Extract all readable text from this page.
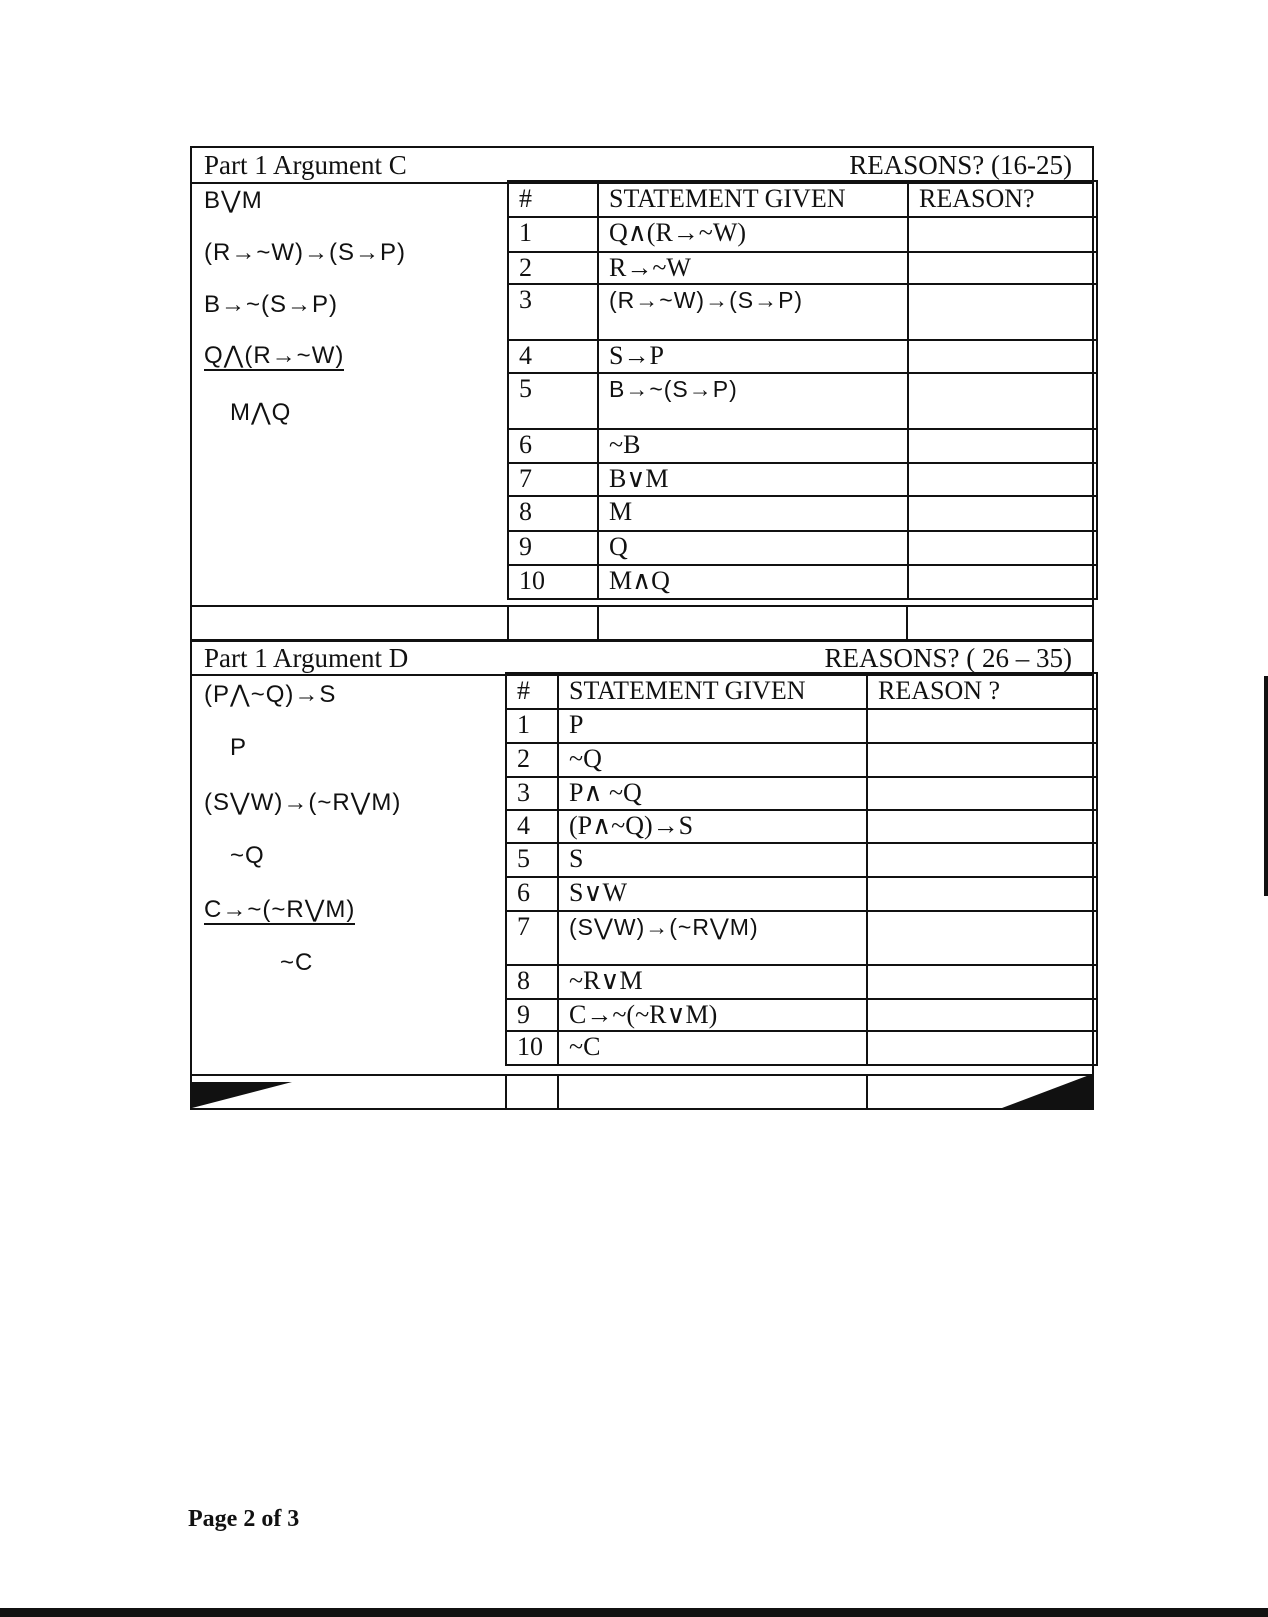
Part 1 Argument C	REASONS? (16-25)
B⋁M
(R→~W)→(S→P)
B→~(S→P)
Q⋀(R→~W)
M⋀Q
#	STATEMENT GIVEN	REASON?
1	Q∧(R→~W)	
2	R→~W	
3	(R→~W)→(S→P)	
4	S→P	
5	B→~(S→P)	
6	~B	
7	B∨M	
8	M	
9	Q	
10	M∧Q	
Part 1 Argument D	REASONS? ( 26 – 35)
(P⋀~Q)→S
P
(S⋁W)→(~R⋁M)
~Q
C→~(~R⋁M)
~C
#	STATEMENT GIVEN	REASON ?
1	P	
2	~Q	
3	P∧ ~Q	
4	(P∧~Q)→S	
5	S	
6	S∨W	
7	(S⋁W)→(~R⋁M)	
8	~R∨M	
9	C→~(~R∨M)	
10	~C	
Page 2 of 3
